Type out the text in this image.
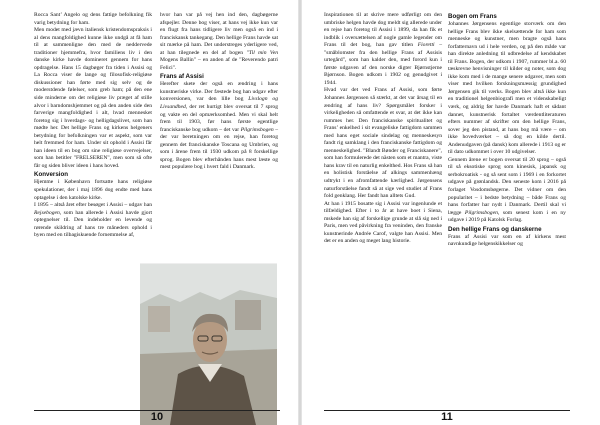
Rocca Sant’ Angelo og dens fattige befolkning fik varig betydning for ham.

Men modet med jævn italiensk kristendomspraksis i al dens mangfoldighed kunne ikke undgå at få ham til at sammenligne den med de neddervede traditioner hjemmefra, hvor familiens liv i den danske kirke havde domineret gennem for hans opdragelse. Hans 15 dagbøger fra tiden i Assisi og La Rocca viser de lange og filosofisk-religiøse diskussioner han førte med sig selv og de moderstdende følelser, som greb ham; på den ene side minderne om det religiøse liv præget af stille alvor i barndomshjemmet og på den anden side den farverige mangfoldighed i alt, hvad mennesket foretog sig i hverdags- og helligdagslivet, som han mødte her. Det hellige Frans og kirkens helgeners betydning for befolkningen var et aspekt, som var helt fremmed for ham. Under sit ophold i Assisi får han ideen til en bog om sine religiøse overvejelser, som han betitler "FRELSEREN", men som så ofte får og siden bliver ideen i hans hoved.

Konversion

Hjemme i København fortsatte hans religiøse spekulationer, der i maj 1896 dog endte med hans optagelse i den katolske kirke.

I 1895 – altså året efter besøget i Assisi – udgav han Rejsebogen, som han allerede i Assisi havde gjort optegnelser til. Den indeholder en levende og rørende skildring af hans tre måneders ophold i byen med en tilbagiskuende fornemmelse af,

hvor han var på vej hen ind den, dagbøgerne afspejler. Denne bog viser, at hans vej ikke kun var en flugt fra hans tidligere liv men også en ind i franciskansk tankegang. Den hellige Frans havde sat sit mærke på ham. Det understreges yderligere ved, at han tilegnede en del af bogen "Til min Ven Mogens Ballin" – en anden af de "Reverendo patri Felici".

Frans af Assisi

Herefter skete der også en ændring i hans kunstneriske virke. Der fæstede bog han udgav efter konversionen, var den lille bog Livslogn og Livsandhed, der ret hurtigt blev oversat til 7 sprog og vakte en del opmærksomhed. Men vi skal helt frem til 1903, før hans første egentlige franciskanske bog udkom – det var Pilgrimsbogen – der var beretningen om en rejse, han foretog gennem det franciskanske Toscana og Umbrien, og som i årene frem til 1930 udkom på 8 forskellige sprog. Bogen blev efterhånden hans mest læste og mest populære bog i hvert fald i Danmark.

10

Inspirationen til at skrive mere udførligt om den umbriske helgen havde dog meldt sig allerede under en rejse han foretog til Assisi i 1899, da han fik et indblik i oversættelsen af nogle gamle legender om Frans til det bog, han gav titlen Fioretti – "småblomster fra den hellige Frans af Assisis urtegård", som han kalder den, med forord kun i første udgaven af den norske digter Bjørnstjerne Bjørnson. Bogen udkom i 1902 og genudgivet i 1944.

Hvad var det ved Frans af Assisi, som førte Johannes Jørgensen så stærkt, at det var årsag til en ændring af hans liv? Spørgsmålet forsker i virkeligheden så omfattende et svar, at det ikke kan rummes her. Den franciskanske spiritualitet og Frans’ enkelhed i sit evangeliske fattigdom sammen med hans eget sociale sindelag og menneskesyn fandt rig samklang i den franciskanske fattigdom og menneskelighed. "Blandt Bønder og Franciskanere", som han formulerede det nästen som et mantra, viste hans krav til en naturlig enkelthed. Hos Frans så han en holistisk forståelse af alkings sammenhæng udtrykt i en afromfattende kærlighed. Jørgensens naturforståelse fandt så at sige ved studiet af Frans fold genklang. Her fandt han alltets Gud.

At han i 1915 bosatte sig i Assisi var ingenlunde et tilfældighed. Efter i to år at have boet i Siena, mskede han sig af forskellige grunde at slå sig ned i Paris, men ved påvirkning fra veninden, den franske kunstnerinde Andrée Carof, valgte han Assisi. Men det er en anden og meget lang historie.

Bogen om Frans

Johannes Jørgensens egentlige storværk om den hellige Frans blev ikke skelsættende for ham som menneske og kunstner, men bragte også hans forfatternavn ud i hele verden, og på den måde var han direkte anledning til udbredelse af kendskabet til Frans. Bogen, der udkom i 1907, rummer bl.a. 60 tæskrevne henvisninger til kilder og noter, som dog ikke kom med i de mange senere udgaver, men som viser med hvilken forskningsmæssig grundighed Jørgensen gik til værks. Bogen blev altså ikke kun en traditionel helgenbiografi men et videnskabeligt værk, og aldrig før havde Danmark haft et sådant dannet, kunstnerisk fortaltet værdentliteraturen efters nummer af skrifter om den hellige Frans, sover jeg den pistand, at hans bog må være – om ikke hovedværket – så dog en kilde dertil. Andenudgaven (på dansk) kom allerede i 1913 og er til dato udkommet i over 10 udgivelser.

Gennem årene er bogen oversat til 20 sprog – også til så eksotiske sprog som kinesisk, japansk og serbokroatisk - og så sent som i 1969 i en forkortet udgave på grønlandsk. Den seneste kom i 2016 på forlaget Vosdomsbøgerne. Det vidner om den popularitet – i bedste betydning – både Frans og hans forfatter har nydt i Danmark. Dertil skal vi lægge Pilgrimsbogen, som senest kom i en ny udgave i 2019 på Katolsk Forlag.

Den hellige Frans og danskerne

Frans af Assisi var som en af kirkens mest navnkundige helgenskikkelser og

11
